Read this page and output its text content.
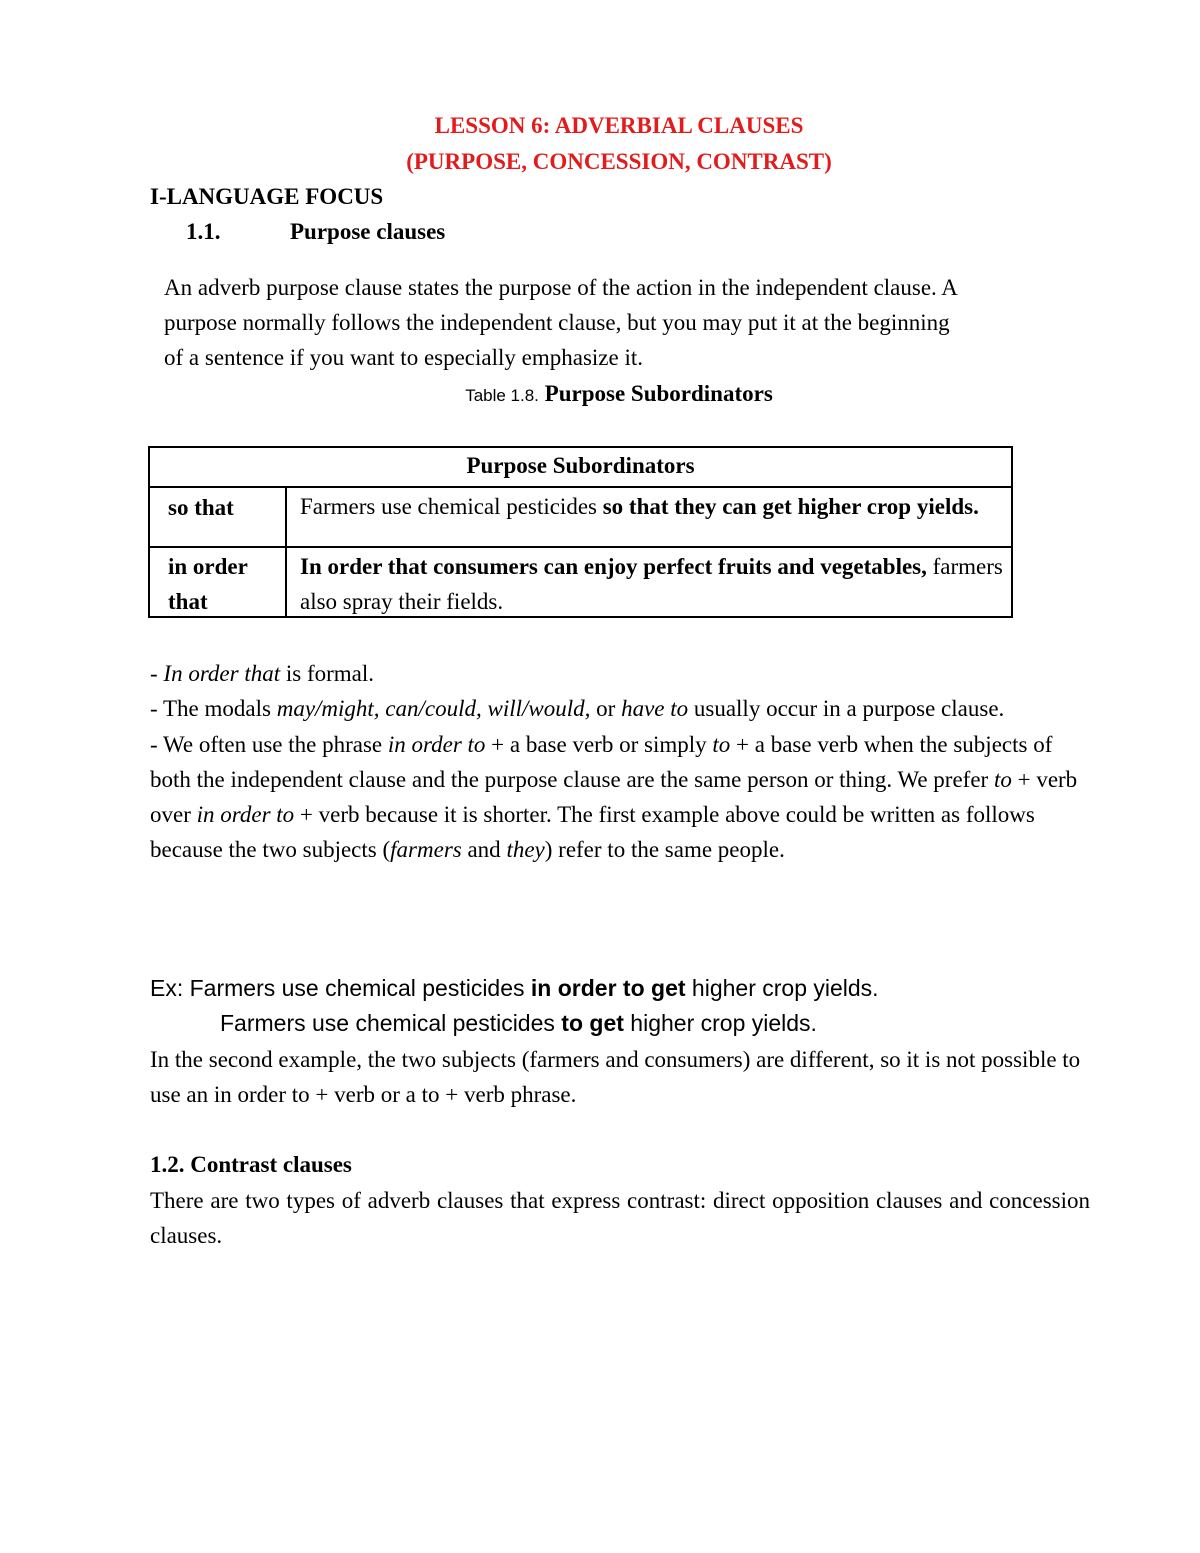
LESSON 6: ADVERBIAL CLAUSES
(PURPOSE, CONCESSION, CONTRAST)
I-LANGUAGE FOCUS
1.1.	Purpose clauses
An adverb purpose clause states the purpose of the action in the independent clause. A
purpose normally follows the independent clause, but you may put it at the beginning
of a sentence if you want to especially emphasize it.
Table 1.8. Purpose Subordinators
Purpose Subordinators
so that	Farmers use chemical pesticides so that they can get higher crop yields.
in order that
In order that consumers can enjoy perfect fruits and vegetables, farmers also spray their fields.

- In order that is formal.

- The modals may/might, can/could, will/would, or have to usually occur in a purpose clause.

- We often use the phrase in order to + a base verb or simply to + a base verb when the subjects of both the independent clause and the purpose clause are the same person or thing. We prefer to + verb over in order to + verb because it is shorter. The first example above could be written as follows because the two subjects (farmers and they) refer to the same people.

Ex: Farmers use chemical pesticides in order to get higher crop yields.
Farmers use chemical pesticides to get higher crop yields.
In the second example, the two subjects (farmers and consumers) are different, so it is not possible to use an in order to + verb or a to + verb phrase.
1.2. Contrast clauses
There are two types of adverb clauses that express contrast: direct opposition clauses and concession clauses.
